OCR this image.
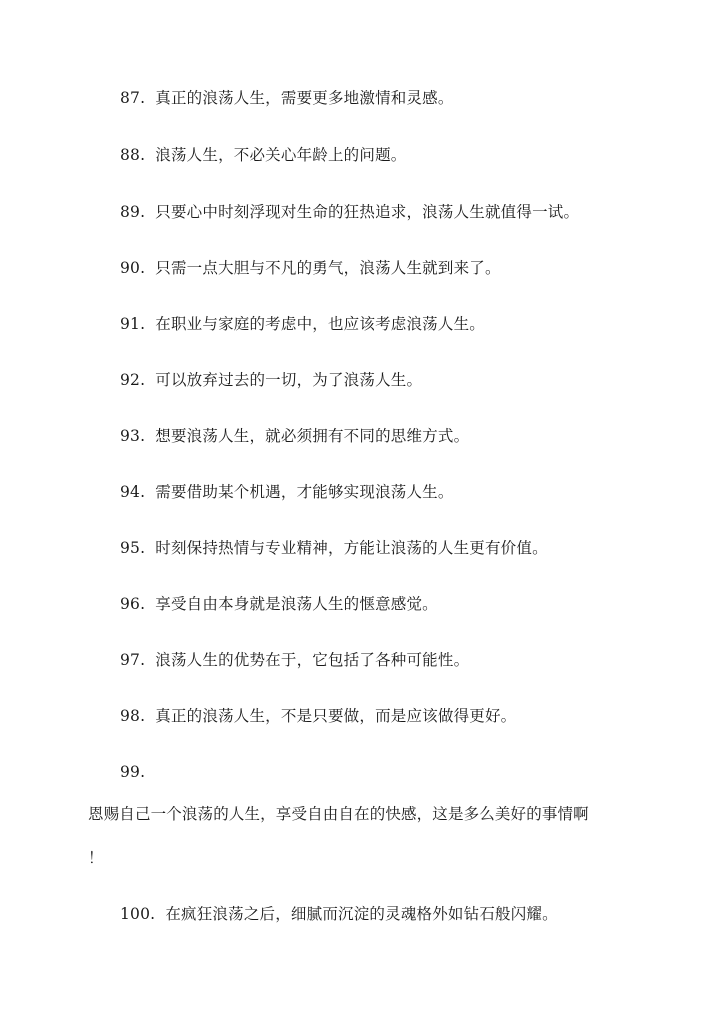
87. 真正的浪荡人生，需要更多地激情和灵感。
88. 浪荡人生，不必关心年龄上的问题。
89. 只要心中时刻浮现对生命的狂热追求，浪荡人生就值得一试。
90. 只需一点大胆与不凡的勇气，浪荡人生就到来了。
91. 在职业与家庭的考虑中，也应该考虑浪荡人生。
92. 可以放弃过去的一切，为了浪荡人生。
93. 想要浪荡人生，就必须拥有不同的思维方式。
94. 需要借助某个机遇，才能够实现浪荡人生。
95. 时刻保持热情与专业精神，方能让浪荡的人生更有价值。
96. 享受自由本身就是浪荡人生的惬意感觉。
97. 浪荡人生的优势在于，它包括了各种可能性。
98. 真正的浪荡人生，不是只要做，而是应该做得更好。
99.
恩赐自己一个浪荡的人生，享受自由自在的快感，这是多么美好的事情啊
！
100. 在疯狂浪荡之后，细腻而沉淀的灵魂格外如钻石般闪耀。
